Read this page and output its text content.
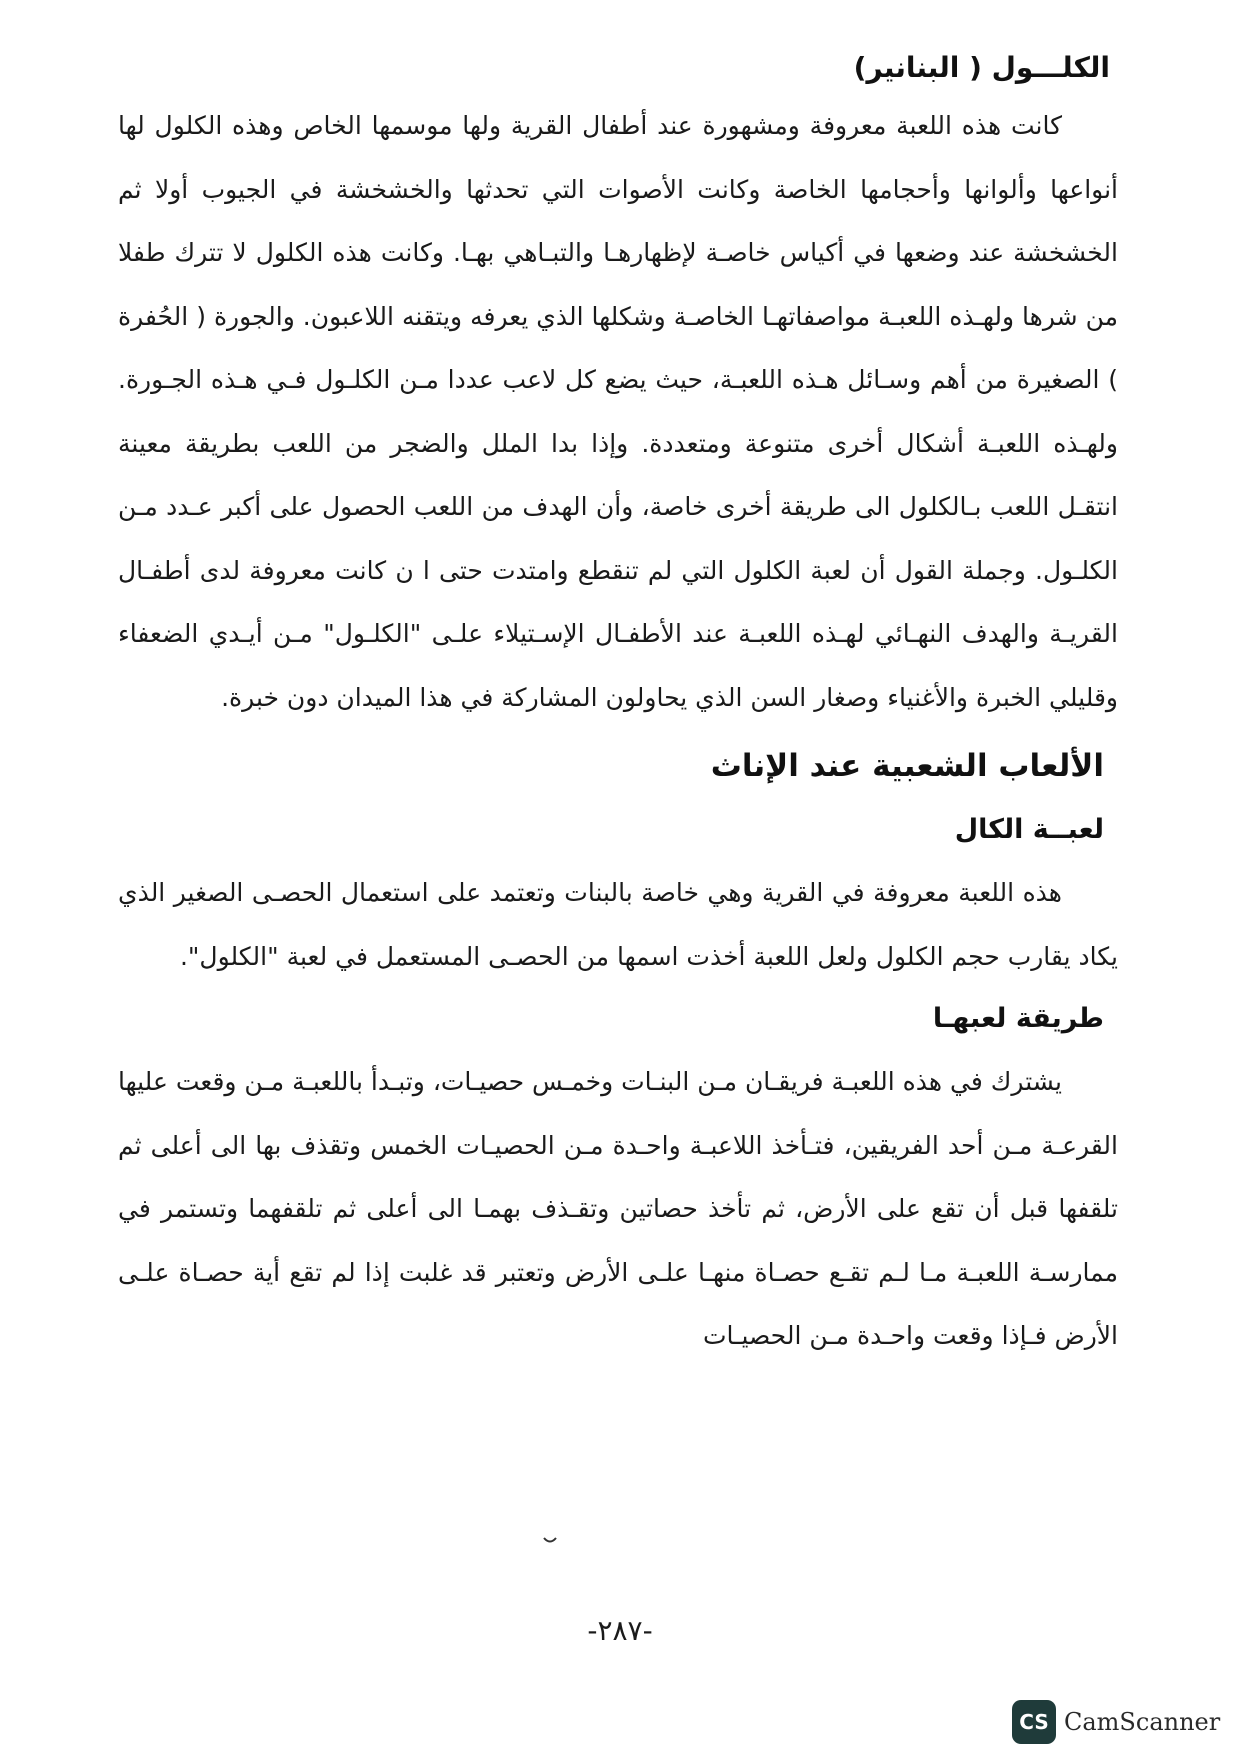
الكلـــول ( البنانير)

كانت هذه اللعبة معروفة ومشهورة عند أطفال القرية ولها موسمها الخاص وهذه الكلول لها أنواعها وألوانها وأحجامها الخاصة وكانت الأصوات التي تحدثها والخشخشة في الجيوب أولا ثم الخشخشة عند وضعها في أكياس خاصـة لإظهارهـا والتبـاهي بهـا. وكانت هذه الكلول لا تترك طفلا من شرها ولهـذه اللعبـة مواصفاتهـا الخاصـة وشكلها الذي يعرفه ويتقنه اللاعبون. والجورة ( الحُفرة ) الصغيرة من أهم وسـائل هـذه اللعبـة، حيث يضع كل لاعب عددا مـن الكلـول فـي هـذه الجـورة. ولهـذه اللعبـة أشكال أخرى متنوعة ومتعددة. وإذا بدا الملل والضجر من اللعب بطريقة معينة انتقـل اللعب بـالكلول الى طريقة أخرى خاصة، وأن الهدف من اللعب الحصول على أكبر عـدد مـن الكلـول. وجملة القول أن لعبة الكلول التي لم تنقطع وامتدت حتى ا ن كانت معروفة لدى أطفـال القريـة والهدف النهـائي لهـذه اللعبـة عند الأطفـال الإسـتيلاء علـى "الكلـول" مـن أيـدي الضعفاء وقليلي الخبرة والأغنياء وصغار السن الذي يحاولون المشاركة في هذا الميدان دون خبرة.

الألعاب الشعبية عند الإناث
لعبــة الكال

هذه اللعبة معروفة في القرية وهي خاصة بالبنات وتعتمد على استعمال الحصـى الصغير الذي يكاد يقارب حجم الكلول ولعل اللعبة أخذت اسمها من الحصـى المستعمل في لعبة "الكلول".

طريقة لعبهـا

يشترك في هذه اللعبـة فريقـان مـن البنـات وخمـس حصيـات، وتبـدأ باللعبـة مـن وقعت عليها القرعـة مـن أحد الفريقين، فتـأخذ اللاعبـة واحـدة مـن الحصيـات الخمس وتقذف بها الى أعلى ثم تلقفها قبل أن تقع على الأرض، ثم تأخذ حصاتين وتقـذف بهمـا الى أعلى ثم تلقفهما وتستمر في ممارسـة اللعبـة مـا لـم تقـع حصـاة منهـا علـى الأرض وتعتبر قد غلبت إذا لم تقع أية حصـاة علـى الأرض فـإذا وقعت واحـدة مـن الحصيـات

-٢٨٧-
CS CamScanner
